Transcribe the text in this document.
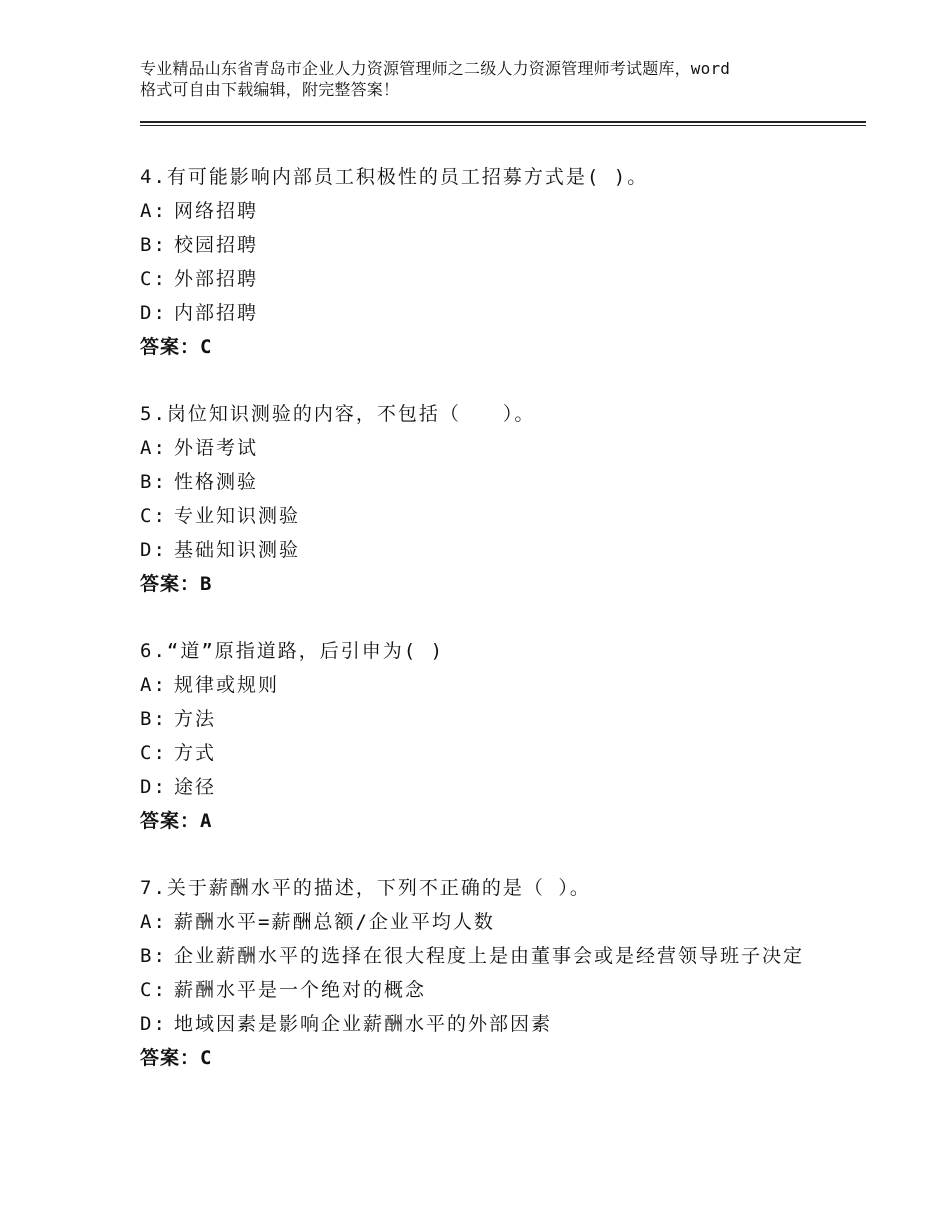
专业精品山东省青岛市企业人力资源管理师之二级人力资源管理师考试题库，word
格式可自由下载编辑，附完整答案！
4.有可能影响内部员工积极性的员工招募方式是( )。
A: 网络招聘
B: 校园招聘
C: 外部招聘
D: 内部招聘
答案：C
5.岗位知识测验的内容，不包括（　　）。
A: 外语考试
B: 性格测验
C: 专业知识测验
D: 基础知识测验
答案：B
6.“道”原指道路，后引申为( )
A: 规律或规则
B: 方法
C: 方式
D: 途径
答案：A
7.关于薪酬水平的描述，下列不正确的是（ ）。
A: 薪酬水平=薪酬总额/企业平均人数
B: 企业薪酬水平的选择在很大程度上是由董事会或是经营领导班子决定
C: 薪酬水平是一个绝对的概念
D: 地域因素是影响企业薪酬水平的外部因素
答案：C
